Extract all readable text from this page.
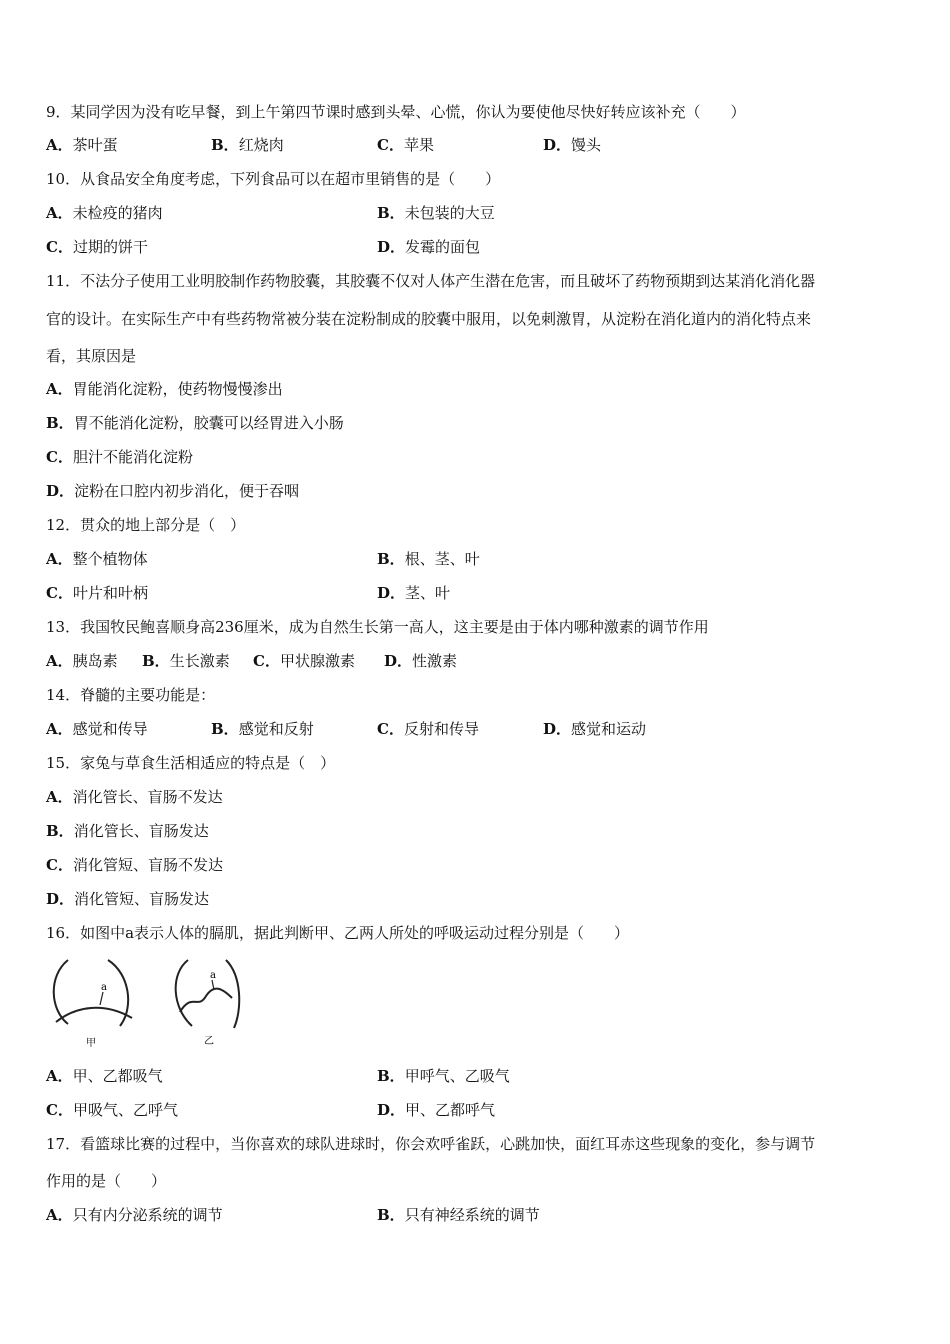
9．某同学因为没有吃早餐，到上午第四节课时感到头晕、心慌，你认为要使他尽快好转应该补充（　　）
A．茶叶蛋	B．红烧肉	C．苹果	D．馒头
10．从食品安全角度考虑，下列食品可以在超市里销售的是（　　）
A．未检疫的猪肉	B．未包装的大豆
C．过期的饼干	D．发霉的面包
11．不法分子使用工业明胶制作药物胶囊，其胶囊不仅对人体产生潜在危害，而且破坏了药物预期到达某消化消化器
官的设计。在实际生产中有些药物常被分装在淀粉制成的胶囊中服用，以免刺激胃，从淀粉在消化道内的消化特点来
看，其原因是
A．胃能消化淀粉，使药物慢慢渗出
B．胃不能消化淀粉，胶囊可以经胃进入小肠
C．胆汁不能消化淀粉
D．淀粉在口腔内初步消化，便于吞咽
12．贯众的地上部分是（　）
A．整个植物体	B．根、茎、叶
C．叶片和叶柄	D．茎、叶
13．我国牧民鲍喜顺身高236厘米，成为自然生长第一高人，这主要是由于体内哪种激素的调节作用
A．胰岛素 B．生长激素 C．甲状腺激素 D．性激素
14．脊髓的主要功能是：
A．感觉和传导	B．感觉和反射	C．反射和传导	D．感觉和运动
15．家兔与草食生活相适应的特点是（　）
A．消化管长、盲肠不发达
B．消化管长、盲肠发达
C．消化管短、盲肠不发达
D．消化管短、盲肠发达
16．如图中a表示人体的膈肌，据此判断甲、乙两人所处的呼吸运动过程分别是（　　）
a
甲
a
乙
A．甲、乙都吸气	B．甲呼气、乙吸气
C．甲吸气、乙呼气	D．甲、乙都呼气
17．看篮球比赛的过程中，当你喜欢的球队进球时，你会欢呼雀跃，心跳加快，面红耳赤这些现象的变化，参与调节
作用的是（　　）
A．只有内分泌系统的调节	B．只有神经系统的调节
